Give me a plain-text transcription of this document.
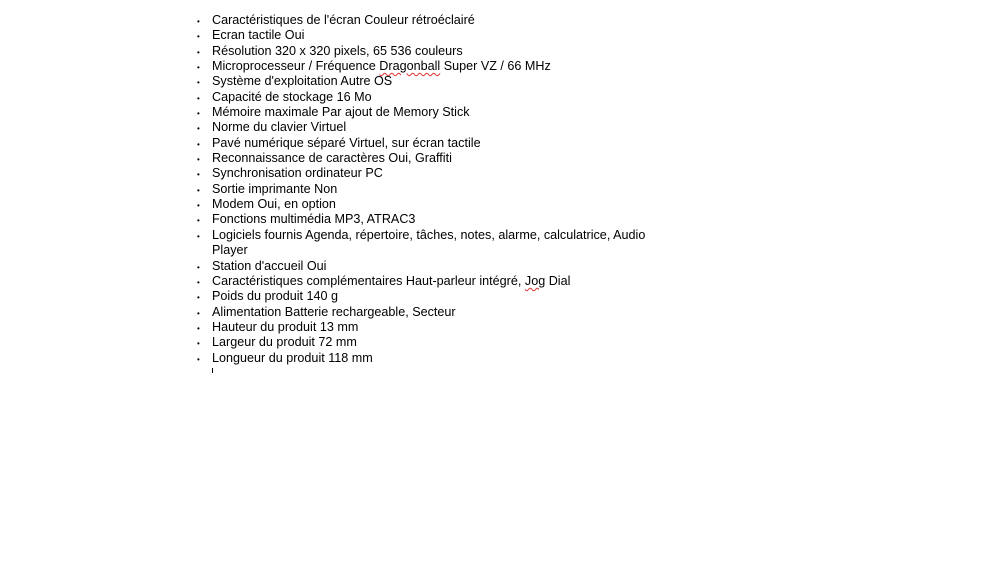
• Caractéristiques de l'écran Couleur rétroéclairé
• Ecran tactile Oui
• Résolution 320 x 320 pixels, 65 536 couleurs
• Microprocesseur / Fréquence Dragonball Super VZ / 66 MHz
• Système d'exploitation Autre OS
• Capacité de stockage 16 Mo
• Mémoire maximale Par ajout de Memory Stick
• Norme du clavier Virtuel
• Pavé numérique séparé Virtuel, sur écran tactile
• Reconnaissance de caractères Oui, Graffiti
• Synchronisation ordinateur PC
• Sortie imprimante Non
• Modem Oui, en option
• Fonctions multimédia MP3, ATRAC3
• Logiciels fournis Agenda, répertoire, tâches, notes, alarme, calculatrice, Audio Player
• Station d'accueil Oui
• Caractéristiques complémentaires Haut-parleur intégré, Jog Dial
• Poids du produit 140 g
• Alimentation Batterie rechargeable, Secteur
• Hauteur du produit 13 mm
• Largeur du produit 72 mm
• Longueur du produit 118 mm
